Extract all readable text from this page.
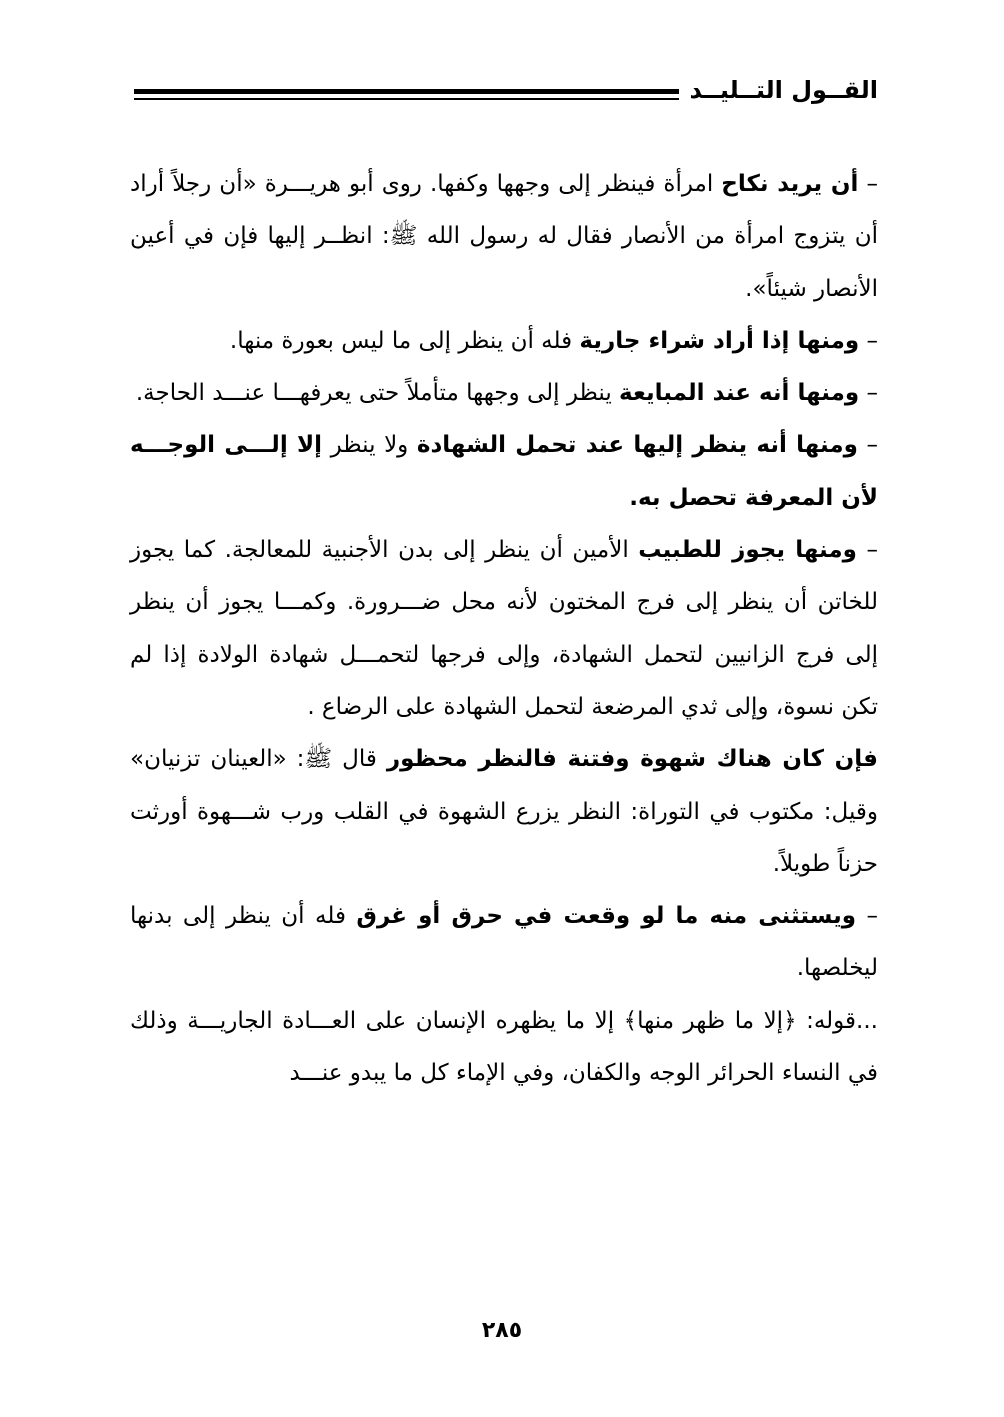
القــول التــليــد

– أن يريد نكاح امرأة فينظر إلى وجهها وكفها. روى أبو هريـــرة «أن رجلاً أراد أن يتزوج امرأة من الأنصار فقال له رسول الله ﷺ: انظــر إليها فإن في أعين الأنصار شيئاً».

– ومنها إذا أراد شراء جارية فله أن ينظر إلى ما ليس بعورة منها.

– ومنها أنه عند المبايعة ينظر إلى وجهها متأملاً حتى يعرفهـــا عنـــد الحاجة.

– ومنها أنه ينظر إليها عند تحمل الشهادة ولا ينظر إلا إلـــى الوجـــه لأن المعرفة تحصل به.

– ومنها يجوز للطبيب الأمين أن ينظر إلى بدن الأجنبية للمعالجة. كما يجوز للخاتن أن ينظر إلى فرج المختون لأنه محل ضـــرورة. وكمـــا يجوز أن ينظر إلى فرج الزانيين لتحمل الشهادة، وإلى فرجها لتحمـــل شهادة الولادة إذا لم تكن نسوة، وإلى ثدي المرضعة لتحمل الشهادة على الرضاع .

فإن كان هناك شهوة وفتنة فالنظر محظور قال ﷺ: «العينان تزنيان» وقيل: مكتوب في التوراة: النظر يزرع الشهوة في القلب ورب شـــهوة أورثت حزناً طويلاً.

– ويستثنى منه ما لو وقعت في حرق أو غرق فله أن ينظر إلى بدنها ليخلصها.

...قوله: ﴿إلا ما ظهر منها﴾ إلا ما يظهره الإنسان على العـــادة الجاريـــة وذلك في النساء الحرائر الوجه والكفان، وفي الإماء كل ما يبدو عنـــد

٢٨٥
